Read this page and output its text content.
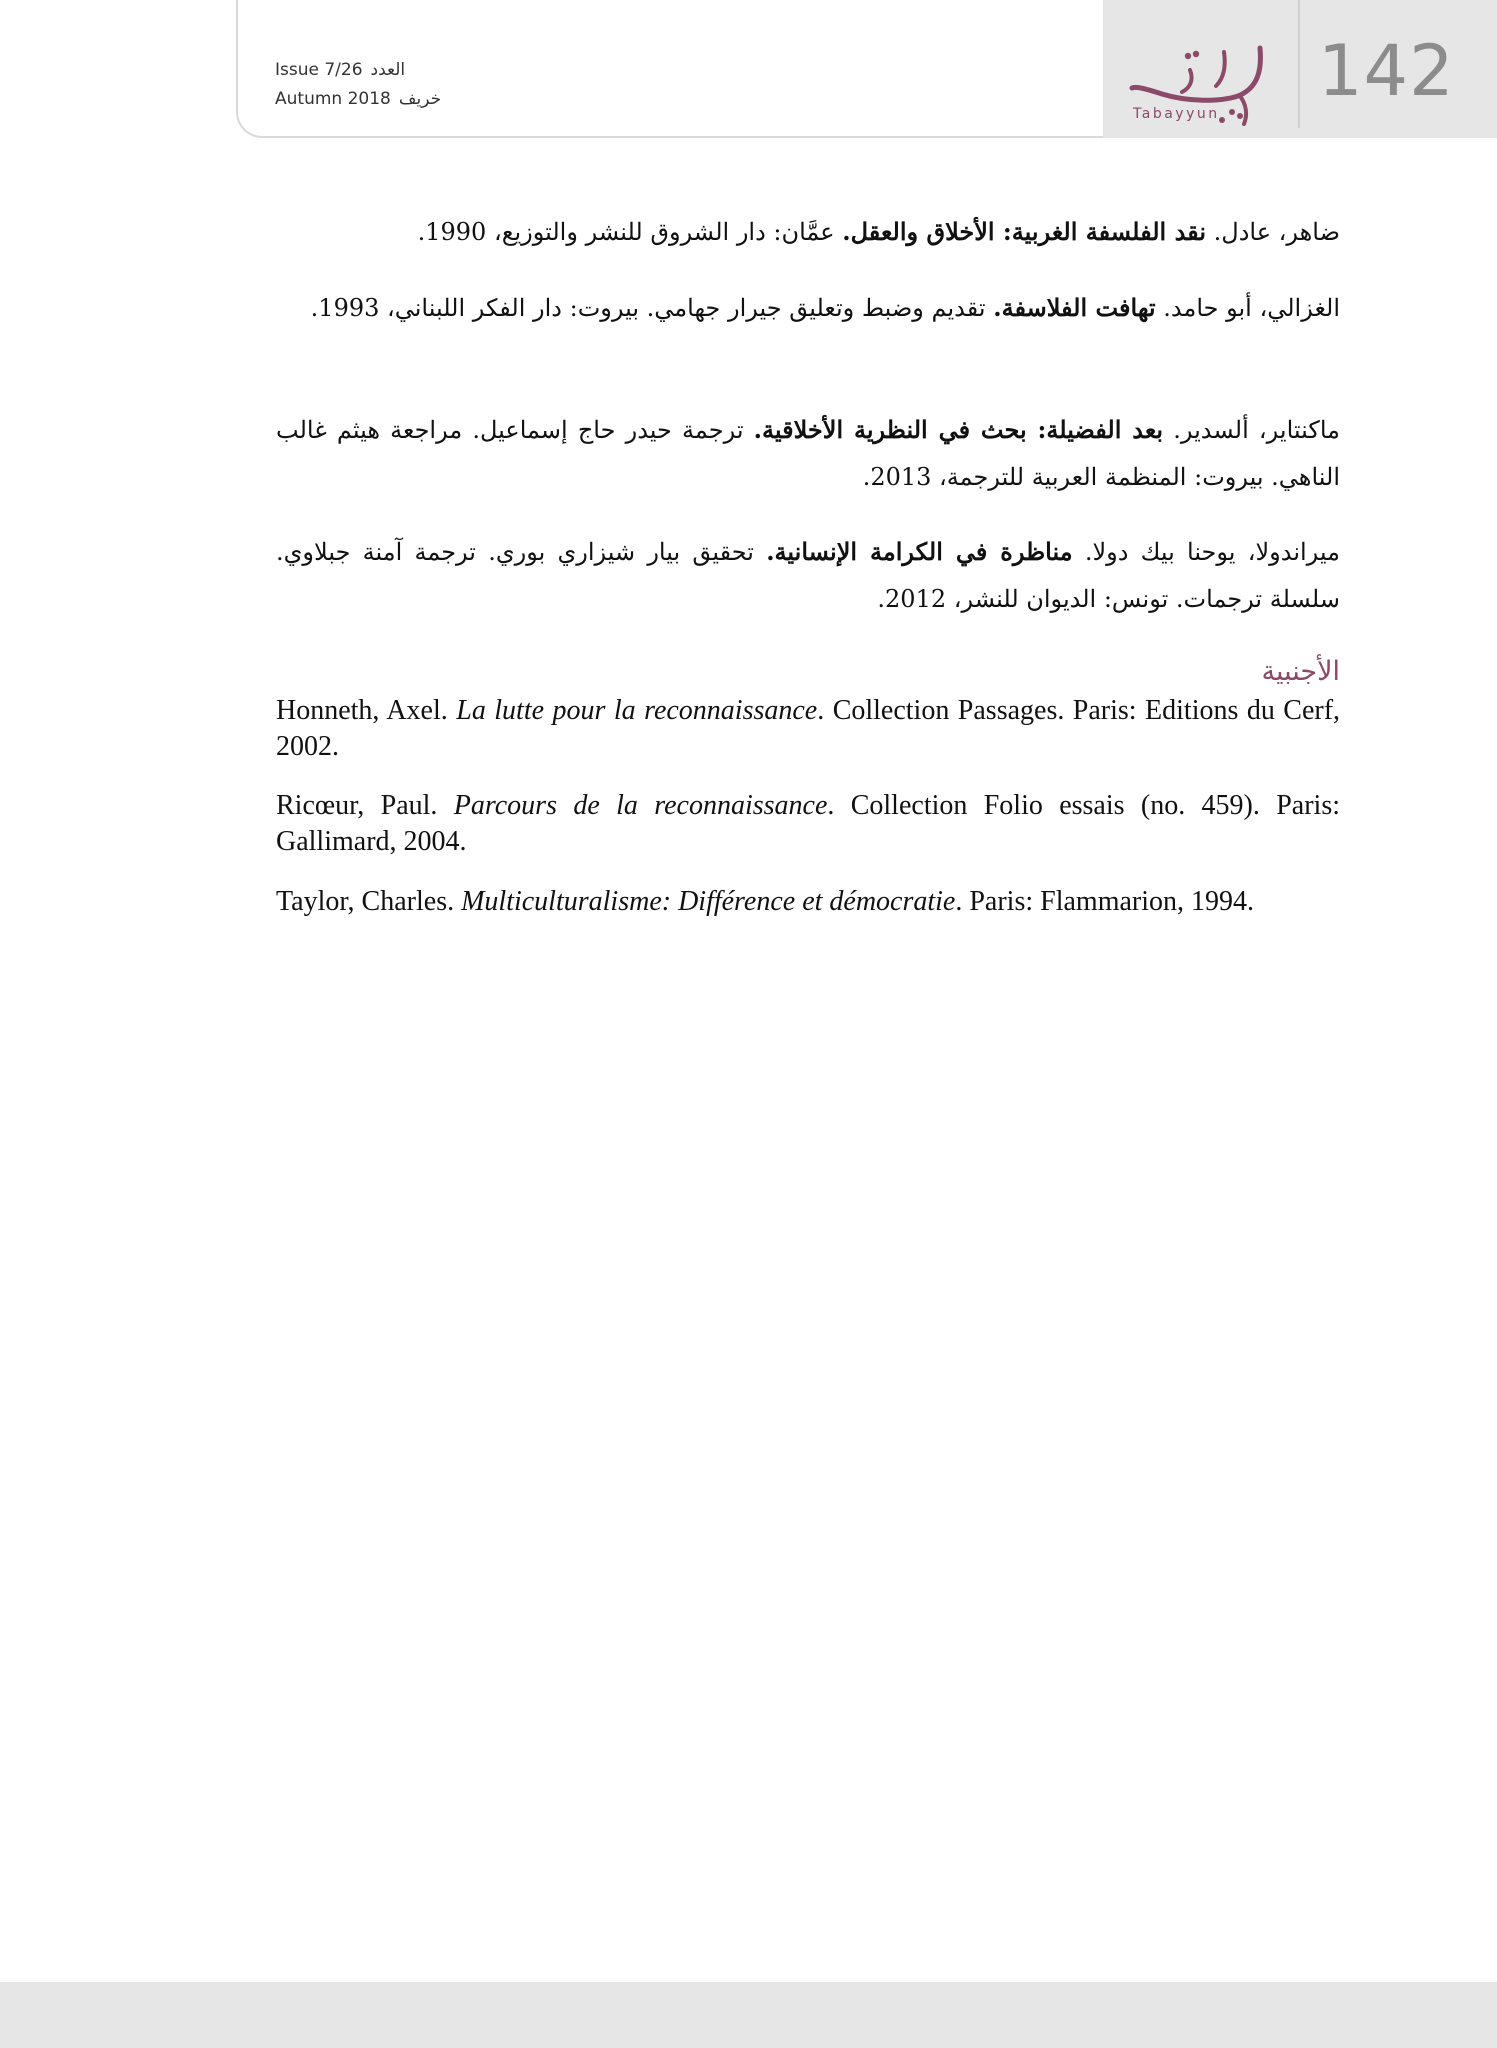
Issue 7/26 العدد
Autumn 2018 خريف
Tabayyun
142
ضاهر، عادل. نقد الفلسفة الغربية: الأخلاق والعقل. عمَّان: دار الشروق للنشر والتوزيع، 1990.
الغزالي، أبو حامد. تهافت الفلاسفة. تقديم وضبط وتعليق جيرار جهامي. بيروت: دار الفكر اللبناني، 1993.
ماكنتاير، ألسدير. بعد الفضيلة: بحث في النظرية الأخلاقية. ترجمة حيدر حاج إسماعيل. مراجعة هيثم غالب الناهي. بيروت: المنظمة العربية للترجمة، 2013.
ميراندولا، يوحنا بيك دولا. مناظرة في الكرامة الإنسانية. تحقيق بيار شيزاري بوري. ترجمة آمنة جبلاوي. سلسلة ترجمات. تونس: الديوان للنشر، 2012.
الأجنبية
Honneth, Axel. La lutte pour la reconnaissance. Collection Passages. Paris: Editions du Cerf, 2002.
Ricœur, Paul. Parcours de la reconnaissance. Collection Folio essais (no. 459). Paris: Gallimard, 2004.
Taylor, Charles. Multiculturalisme: Différence et démocratie. Paris: Flammarion, 1994.
